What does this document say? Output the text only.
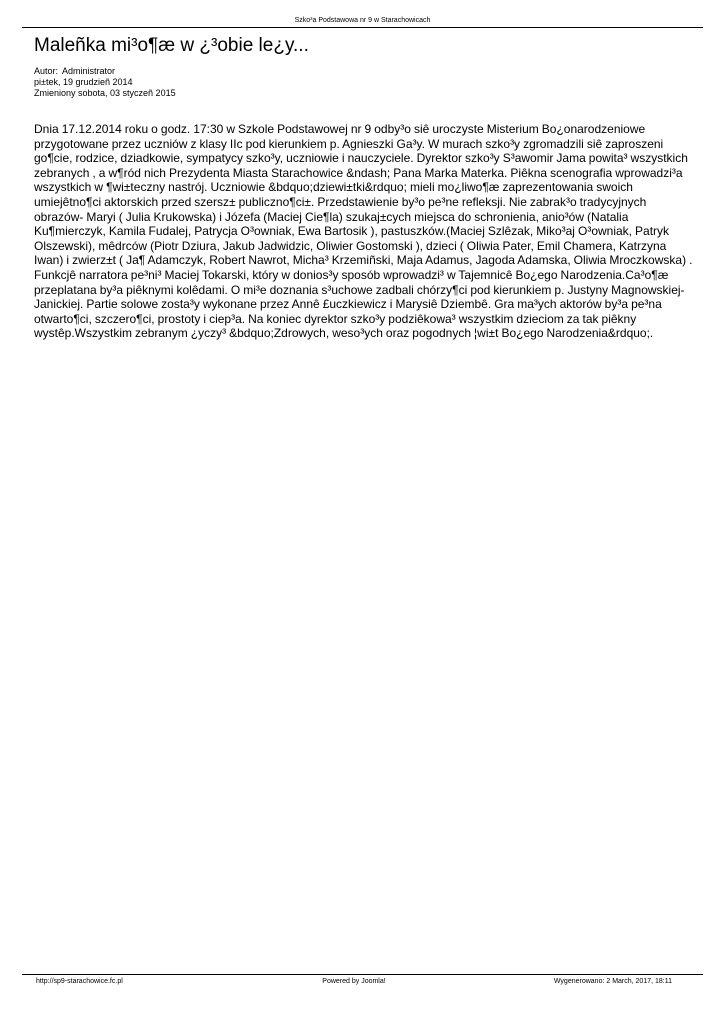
Szko³a Podstawowa nr 9 w Starachowicach
Maleñka mi³o¶æ w ¿³obie le¿y...
Autor: Administrator
pi±tek, 19 grudzieñ 2014
Zmieniony sobota, 03 styczeñ 2015

Dnia 17.12.2014 roku o godz. 17:30 w Szkole Podstawowej nr 9 odby³o siê uroczyste Misterium Bo¿onarodzeniowe przygotowane przez uczniów z klasy IIc pod kierunkiem p. Agnieszki Ga³y. W murach szko³y zgromadzili siê zaproszeni go¶cie, rodzice, dziadkowie, sympatycy szko³y, uczniowie i nauczyciele. Dyrektor szko³y S³awomir Jama powita³ wszystkich zebranych , a w¶ród nich Prezydenta Miasta Starachowice &ndash; Pana Marka Materka. Piêkna scenografia wprowadzi³a wszystkich w ¶wi±teczny nastrój. Uczniowie &bdquo;dziewi±tki&rdquo; mieli mo¿liwo¶æ zaprezentowania swoich umiejêtno¶ci aktorskich przed szersz± publiczno¶ci±. Przedstawienie by³o pe³ne refleksji. Nie zabrak³o tradycyjnych obrazów- Maryi ( Julia Krukowska) i Józefa (Maciej Cie¶la) szukaj±cych miejsca do schronienia, anio³ów (Natalia Ku¶mierczyk, Kamila Fudalej, Patrycja O³owniak, Ewa Bartosik ), pastuszków.(Maciej Szlêzak, Miko³aj O³owniak, Patryk Olszewski), mêdrców (Piotr Dziura, Jakub Jadwidzic, Oliwier Gostomski ), dzieci ( Oliwia Pater, Emil Chamera, Katrzyna Iwan) i zwierz±t ( Ja¶ Adamczyk, Robert Nawrot, Micha³ Krzemiñski, Maja Adamus, Jagoda Adamska, Oliwia Mroczkowska) . Funkcjê narratora pe³ni³ Maciej Tokarski, który w donios³y sposób wprowadzi³ w Tajemnicê Bo¿ego Narodzenia.Ca³o¶æ przeplatana by³a piêknymi kolêdami. O mi³e doznania s³uchowe zadbali chórzy¶ci pod kierunkiem p. Justyny Magnowskiej-Janickiej. Partie solowe zosta³y wykonane przez Annê £uczkiewicz i Marysiê Dziembê. Gra ma³ych aktorów by³a pe³na otwarto¶ci, szczero¶ci, prostoty i ciep³a. Na koniec dyrektor szko³y podziêkowa³ wszystkim dzieciom za tak piêkny wystêp.Wszystkim zebranym ¿yczy³ &bdquo;Zdrowych, weso³ych oraz pogodnych ¦wi±t Bo¿ego Narodzenia&rdquo;.

http://sp9-starachowice.fc.pl	Powered by Joomla!	Wygenerowano: 2 March, 2017, 18:11
